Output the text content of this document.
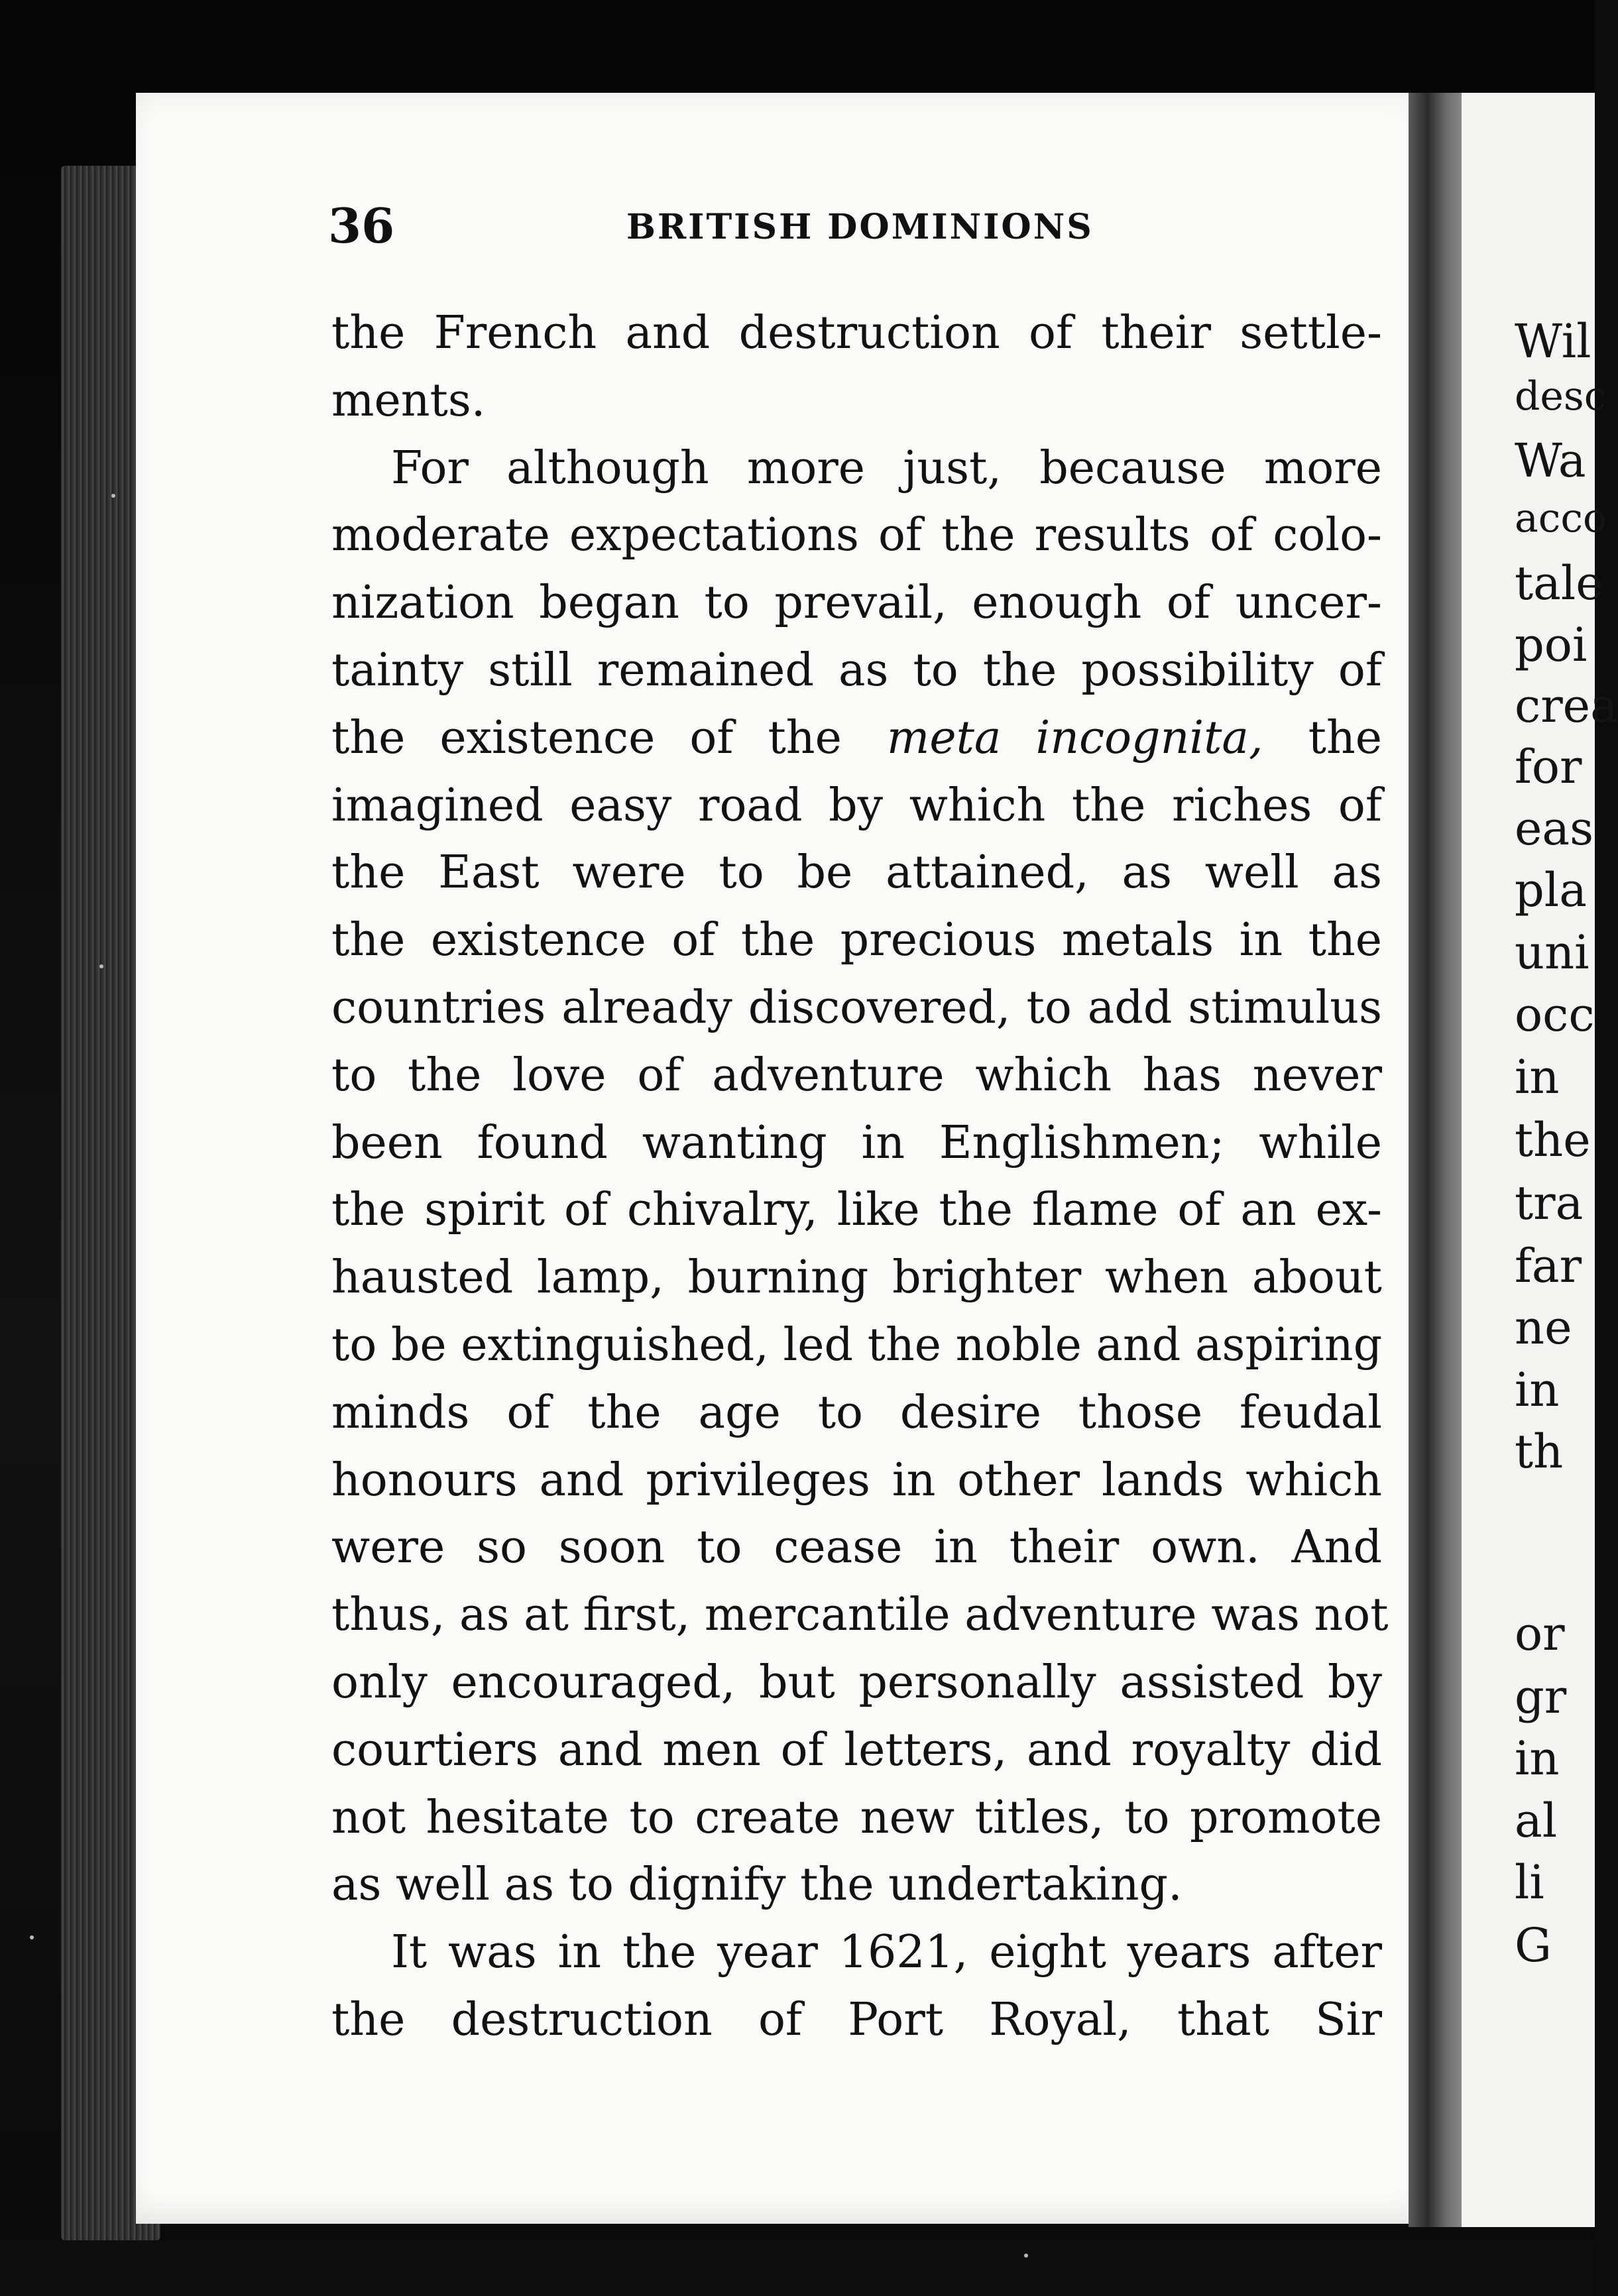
Wil
desc
Wa
acco
tale
poi
crea
for
eas
pla
uni
occ
in
the
tra
far
ne
in
th
or
gr
in
al
li
G
36	BRITISH DOMINIONS
the French and destruction of their settle-
ments.
For although more just, because more
moderate expectations of the results of colo-
nization began to prevail, enough of uncer-
tainty still remained as to the possibility of
the existence of the meta incognita, the
imagined easy road by which the riches of
the East were to be attained, as well as
the existence of the precious metals in the
countries already discovered, to add stimulus
to the love of adventure which has never
been found wanting in Englishmen; while
the spirit of chivalry, like the flame of an ex-
hausted lamp, burning brighter when about
to be extinguished, led the noble and aspiring
minds of the age to desire those feudal
honours and privileges in other lands which
were so soon to cease in their own. And
thus, as at first, mercantile adventure was not
only encouraged, but personally assisted by
courtiers and men of letters, and royalty did
not hesitate to create new titles, to promote
as well as to dignify the undertaking.
It was in the year 1621, eight years after
the destruction of Port Royal, that Sir
